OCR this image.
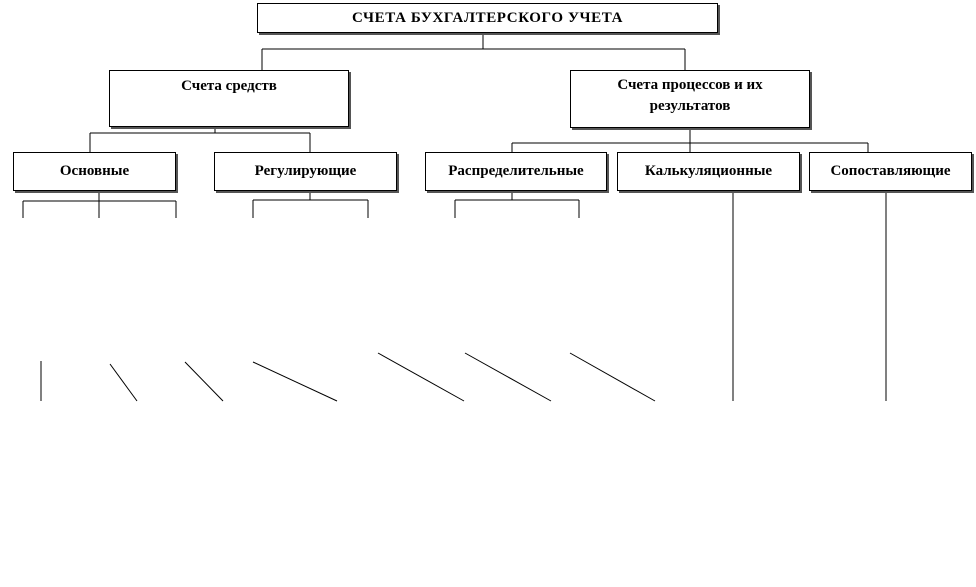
СЧЕТА БУХГАЛТЕРСКОГО УЧЕТА
Счета средств	Счета процессов и их
результатов
Основные	Регулирующие	Распределительные	Калькуляционные	Сопоставляющие
